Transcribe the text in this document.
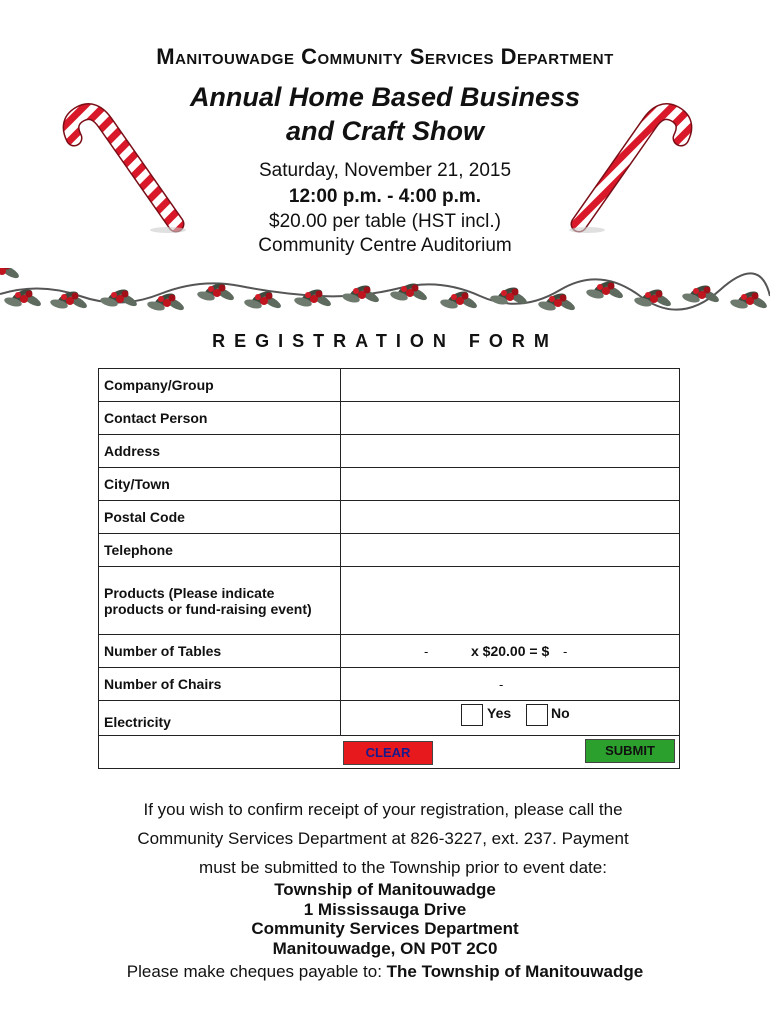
Manitouwadge Community Services Department
Annual Home Based Business
and Craft Show
Saturday, November 21, 2015
12:00 p.m. - 4:00 p.m.
$20.00 per table (HST incl.)
Community Centre Auditorium
REGISTRATION FORM
Company/Group	
Contact Person	
Address	
City/Town	
Postal Code	
Telephone	

Products (Please indicate
products or fund-raising event)	

Number of Tables	- x $20.00 = $ -

Number of Chairs	-

Electricity	Yes No

CLEAR SUBMIT	
If you wish to confirm receipt of your registration, please call the
Community Services Department at 826-3227, ext. 237. Payment
must be submitted to the Township prior to event date:
Township of Manitouwadge
1 Mississauga Drive
Community Services Department
Manitouwadge, ON P0T 2C0
Please make cheques payable to: The Township of Manitouwadge
